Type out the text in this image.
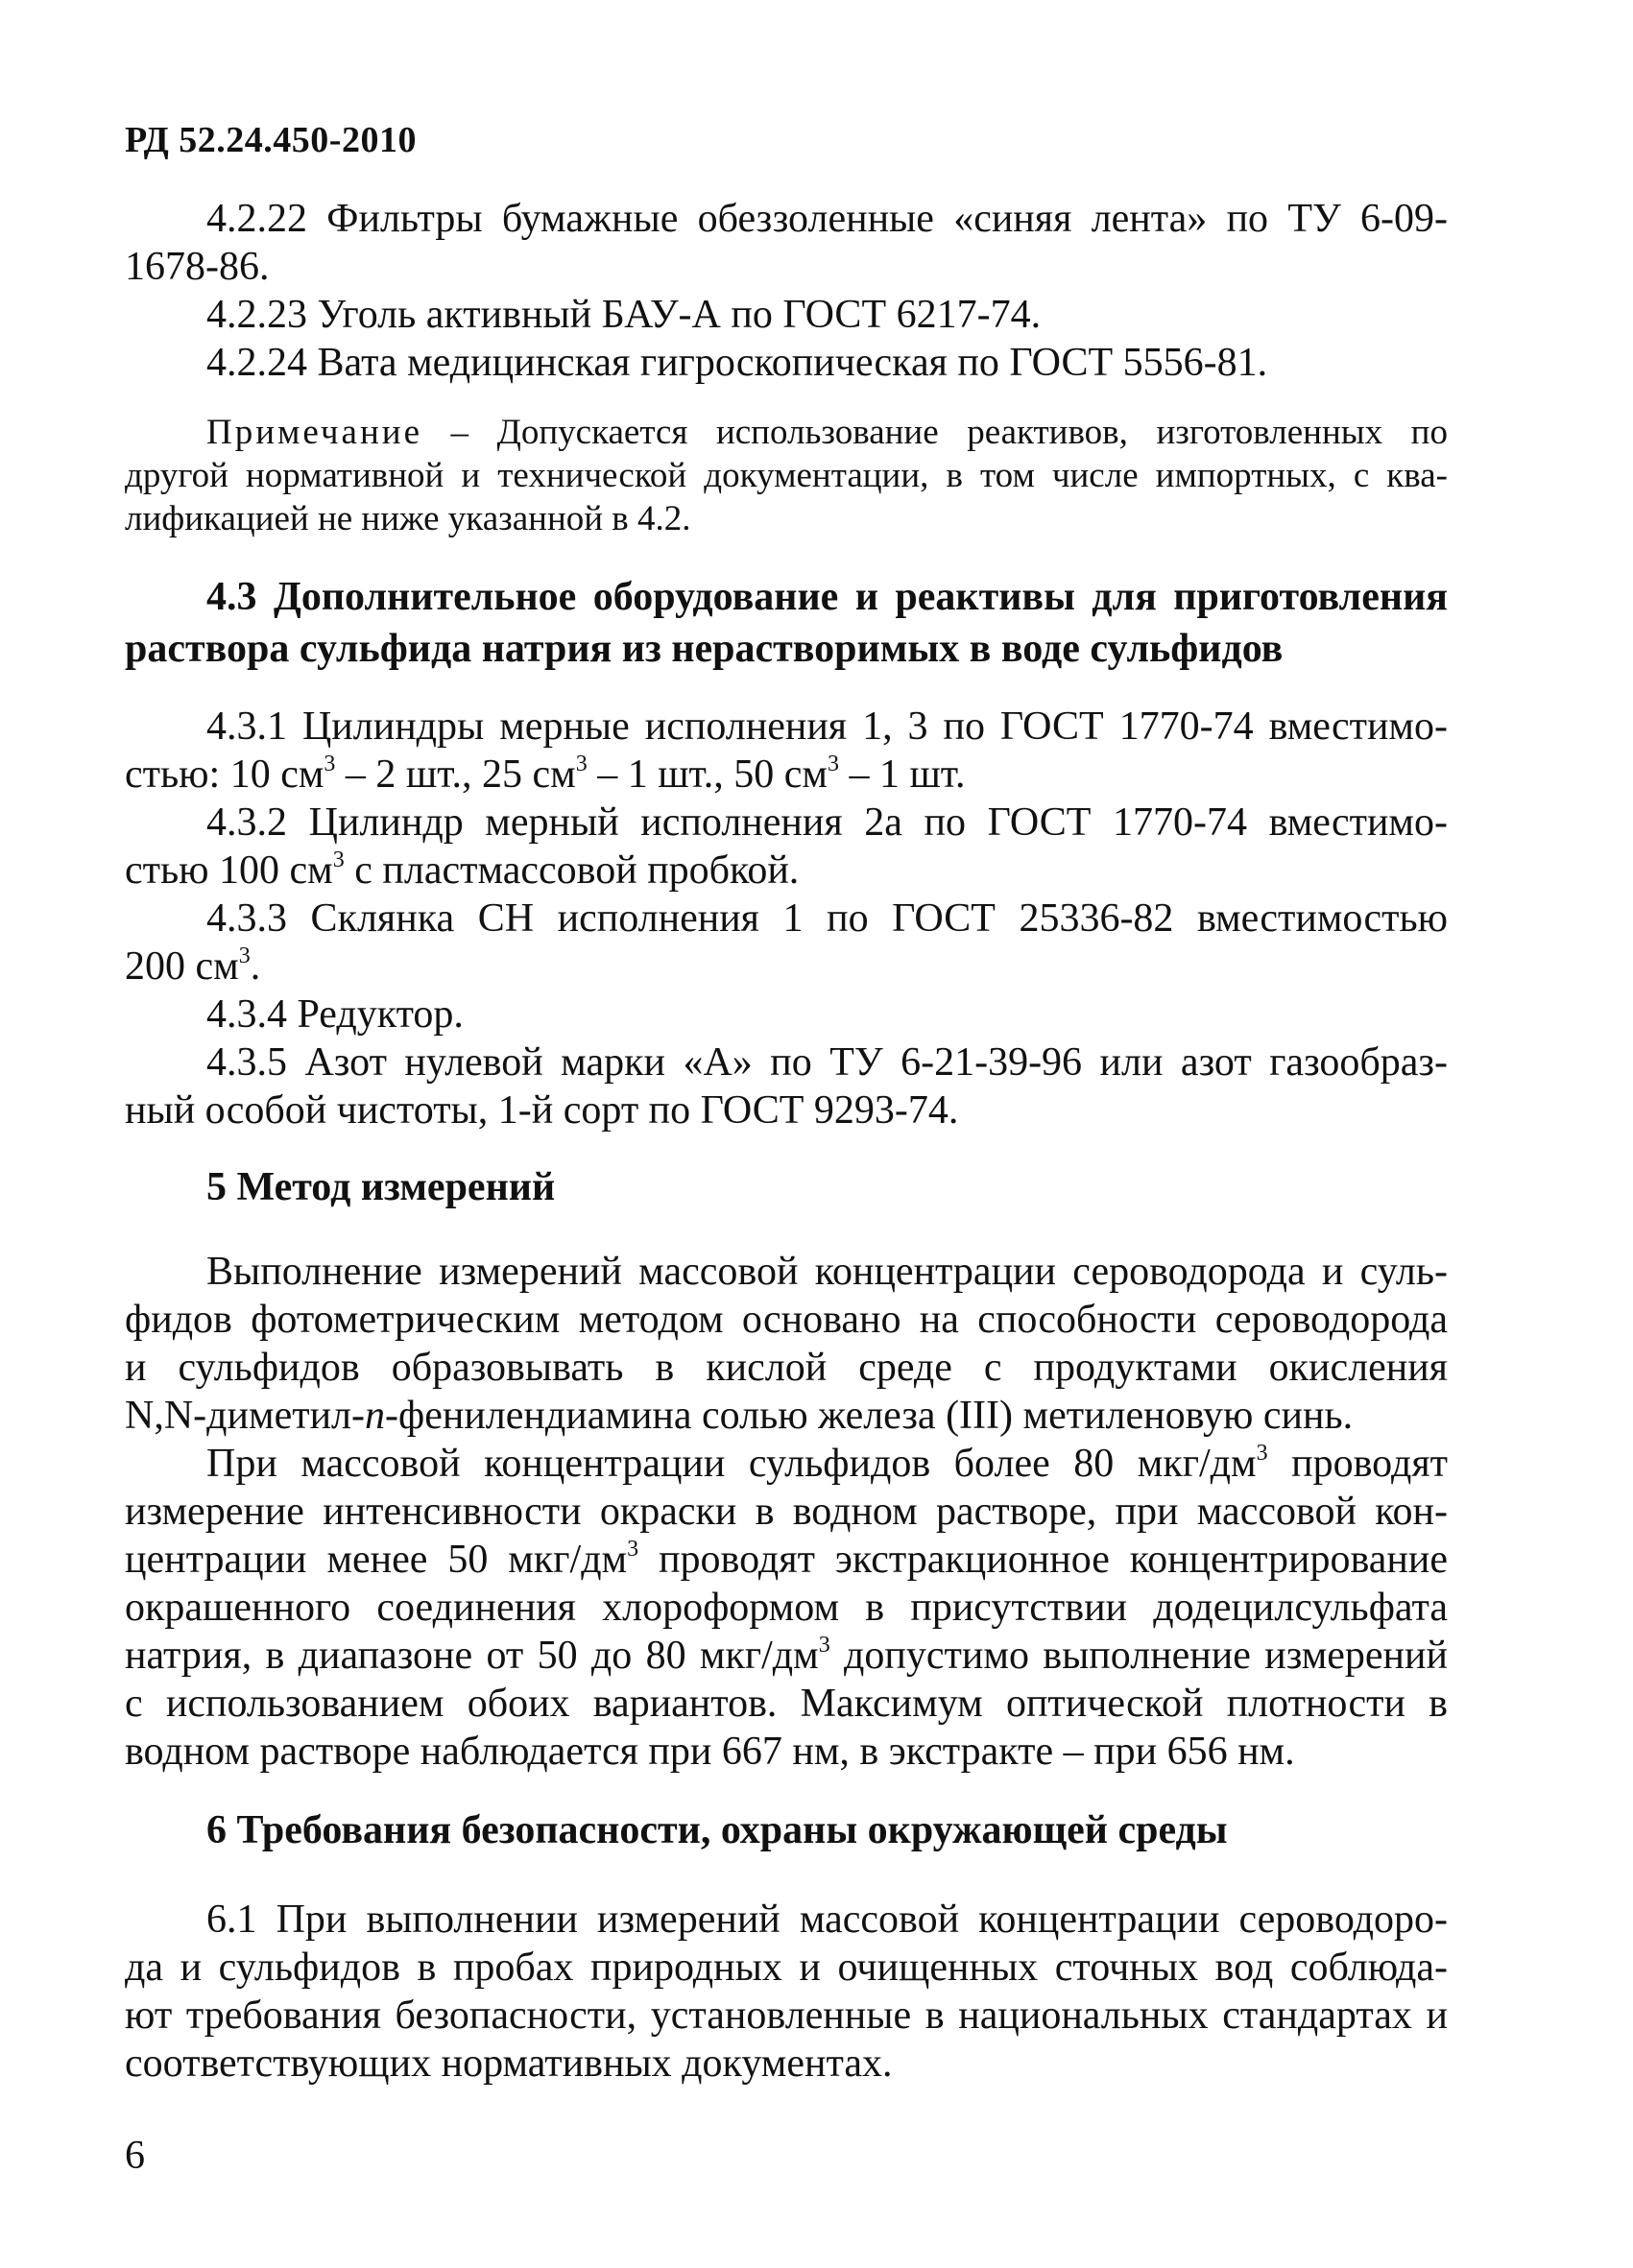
РД 52.24.450-2010
4.2.22 Фильтры бумажные обеззоленные «синяя лента» по ТУ 6-09-
1678-86.
4.2.23 Уголь активный БАУ-А по ГОСТ 6217-74.
4.2.24 Вата медицинская гигроскопическая по ГОСТ 5556-81.
Примечание – Допускается использование реактивов, изготовленных по
другой нормативной и технической документации, в том числе импортных, с ква-
лификацией не ниже указанной в 4.2.
4.3 Дополнительное оборудование и реактивы для приготовления
раствора сульфида натрия из нерастворимых в воде сульфидов
4.3.1 Цилиндры мерные исполнения 1, 3 по ГОСТ 1770-74 вместимо-
стью: 10 $см^3 - 2$ шт., 25 $см^3 - 1$ шт., 50 $см^3 - 1$ шт.
4.3.2 Цилиндр мерный исполнения 2а по ГОСТ 1770-74 вместимо-
стью 100 $см^3$ с пластмассовой пробкой.
4.3.3 Склянка СН исполнения 1 по ГОСТ 25336-82 вместимостью
200 $см^3$.
4.3.4 Редуктор.
4.3.5 Азот нулевой марки «А» по ТУ 6-21-39-96 или азот газообраз-
ный особой чистоты, 1-й сорт по ГОСТ 9293-74.
5 Метод измерений
Выполнение измерений массовой концентрации сероводорода и суль-
фидов фотометрическим методом основано на способности сероводорода
и сульфидов образовывать в кислой среде с продуктами окисления
N,N-диметил-n-фенилендиамина солью железа (III) метиленовую синь.
При массовой концентрации сульфидов более 80 мкг/$дм^3$ проводят
измерение интенсивности окраски в водном растворе, при массовой кон-
центрации менее 50 мкг/$дм^3$ проводят экстракционное концентрирование
окрашенного соединения хлороформом в присутствии додецилсульфата
натрия, в диапазоне от 50 до 80 мкг/$дм^3$ допустимо выполнение измерений
с использованием обоих вариантов. Максимум оптической плотности в
водном растворе наблюдается при 667 нм, в экстракте – при 656 нм.
6 Требования безопасности, охраны окружающей среды
6.1 При выполнении измерений массовой концентрации сероводоро-
да и сульфидов в пробах природных и очищенных сточных вод соблюда-
ют требования безопасности, установленные в национальных стандартах и
соответствующих нормативных документах.
6
